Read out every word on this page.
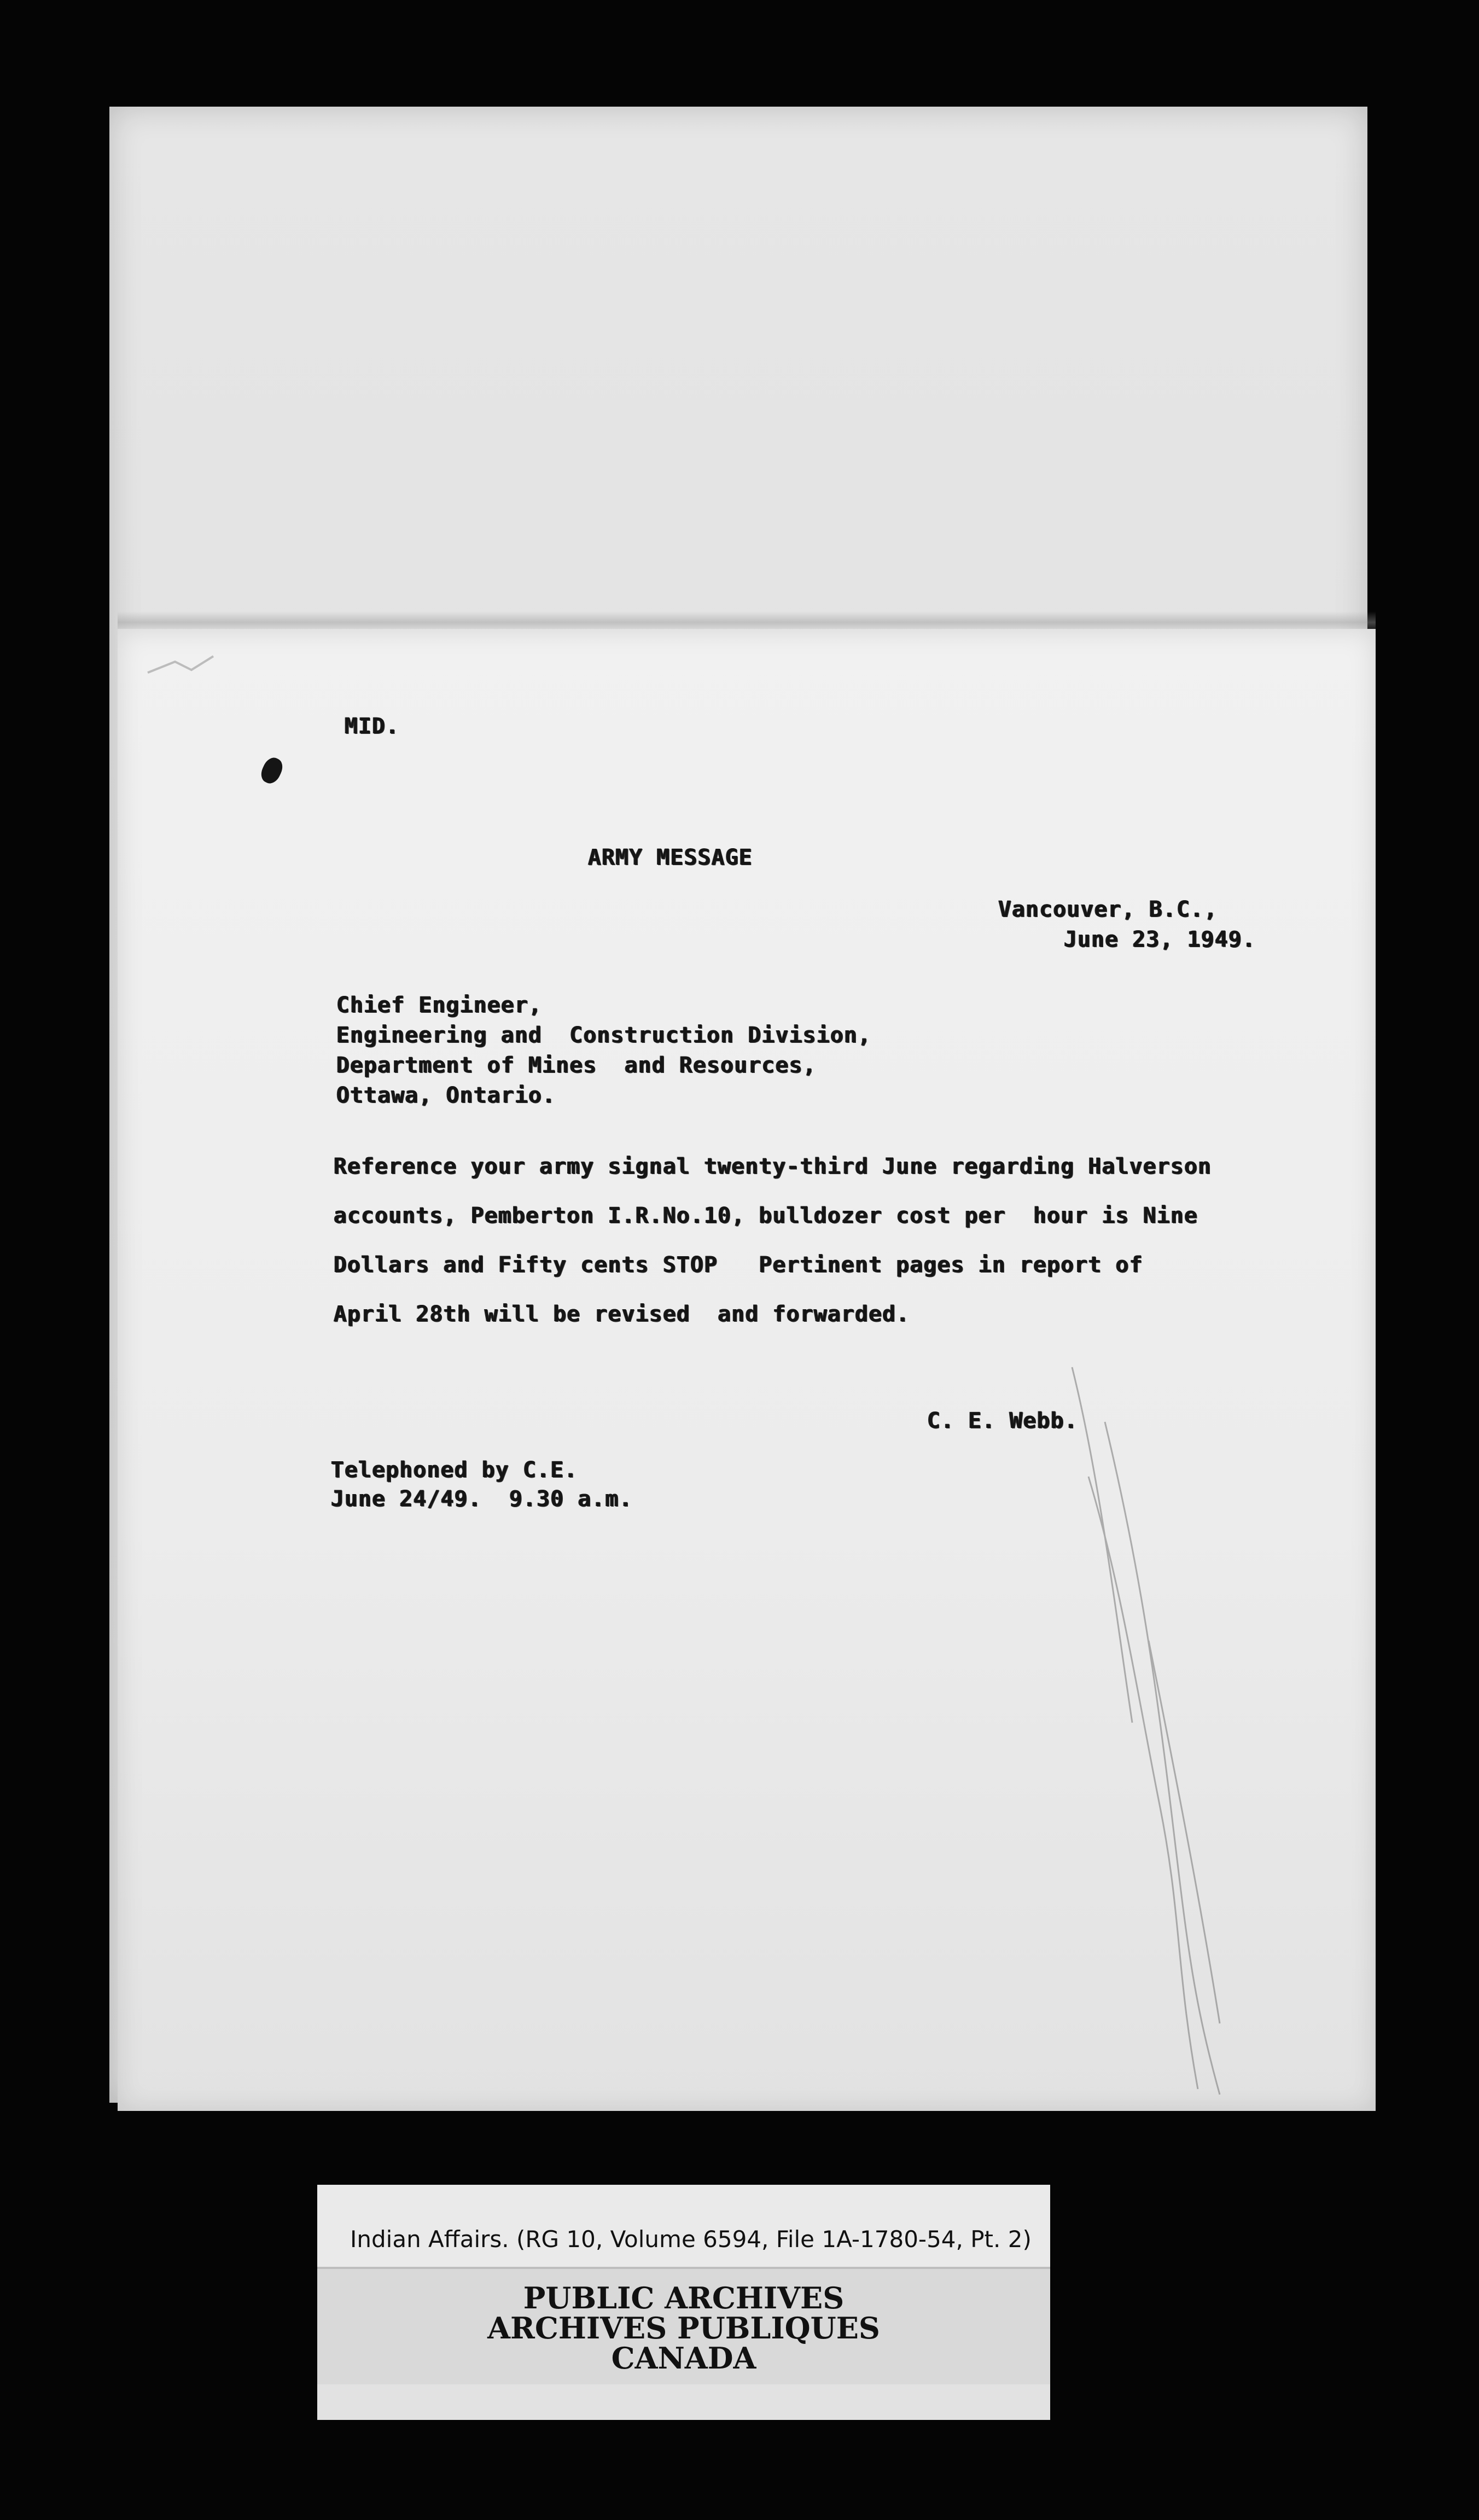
MID.
ARMY MESSAGE
Vancouver, B.C.,
June 23, 1949.
Chief Engineer,
Engineering and  Construction Division,
Department of Mines  and Resources,
Ottawa, Ontario.
Reference your army signal twenty-third June regarding Halverson
accounts, Pemberton I.R.No.10, bulldozer cost per  hour is Nine
Dollars and Fifty cents STOP   Pertinent pages in report of
April 28th will be revised  and forwarded.
C. E. Webb.
Telephoned by C.E.
June 24/49.  9.30 a.m.
Indian Affairs. (RG 10, Volume 6594, File 1A-1780-54, Pt. 2)
PUBLIC ARCHIVES
ARCHIVES PUBLIQUES
CANADA
